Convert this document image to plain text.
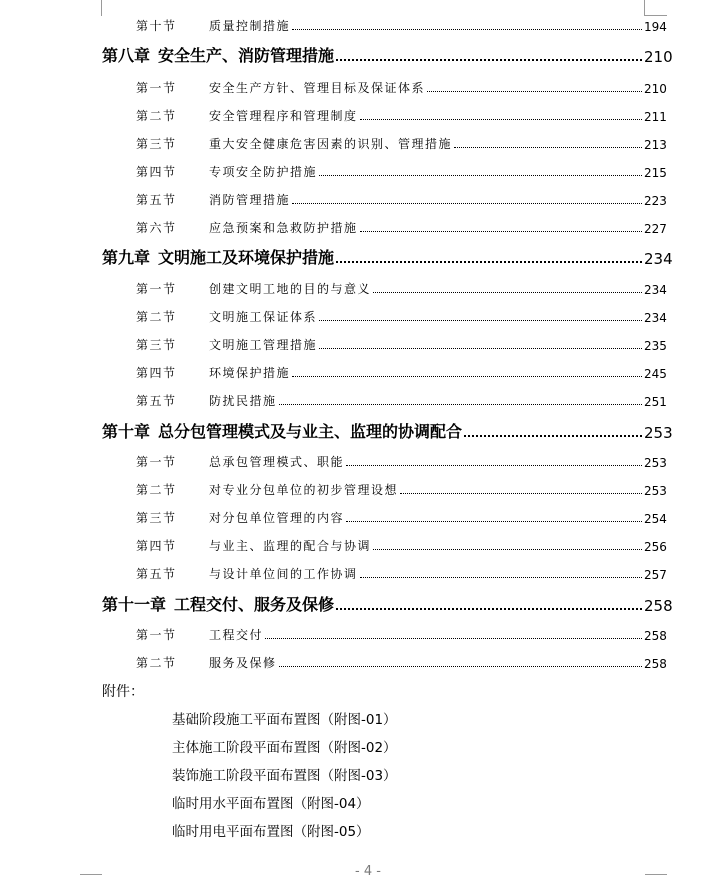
第十节	质量控制措施	194
第八章 安全生产、消防管理措施	210
第一节	安全生产方针、管理目标及保证体系	210
第二节	安全管理程序和管理制度	211
第三节	重大安全健康危害因素的识别、管理措施	213
第四节	专项安全防护措施	215
第五节	消防管理措施	223
第六节	应急预案和急救防护措施	227
第九章 文明施工及环境保护措施	234
第一节	创建文明工地的目的与意义	234
第二节	文明施工保证体系	234
第三节	文明施工管理措施	235
第四节	环境保护措施	245
第五节	防扰民措施	251
第十章 总分包管理模式及与业主、监理的协调配合	253
第一节	总承包管理模式、职能	253
第二节	对专业分包单位的初步管理设想	253
第三节	对分包单位管理的内容	254
第四节	与业主、监理的配合与协调	256
第五节	与设计单位间的工作协调	257
第十一章 工程交付、服务及保修	258
第一节	工程交付	258
第二节	服务及保修	258
附件：
基础阶段施工平面布置图（附图-01）
主体施工阶段平面布置图（附图-02）
装饰施工阶段平面布置图（附图-03）
临时用水平面布置图（附图-04）
临时用电平面布置图（附图-05）
- 4 -
